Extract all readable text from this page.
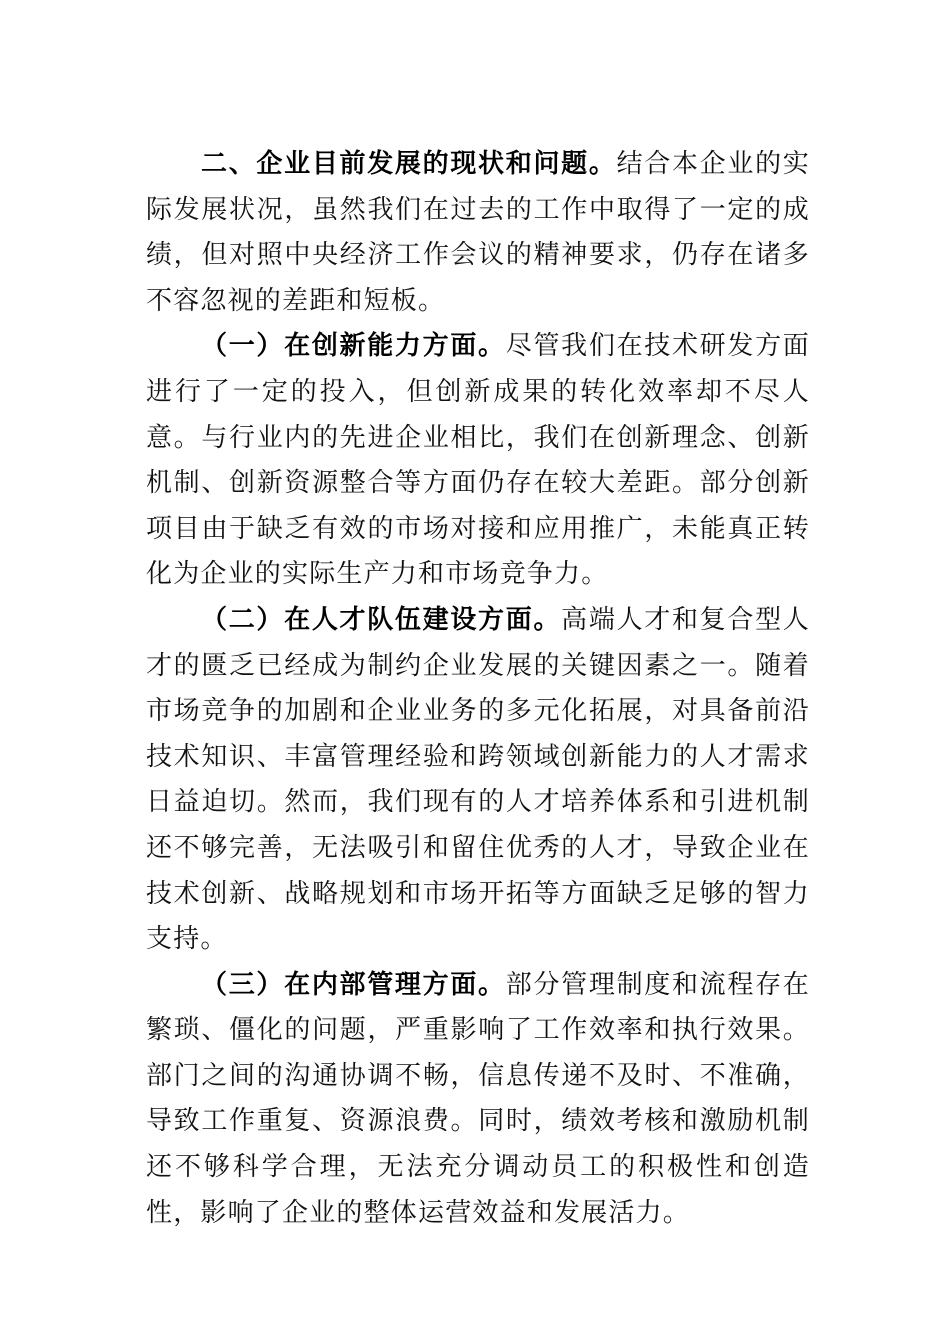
二、企业目前发展的现状和问题。结合本企业的实际发展状况，虽然我们在过去的工作中取得了一定的成绩，但对照中央经济工作会议的精神要求，仍存在诸多不容忽视的差距和短板。

（一）在创新能力方面。尽管我们在技术研发方面进行了一定的投入，但创新成果的转化效率却不尽人意。与行业内的先进企业相比，我们在创新理念、创新机制、创新资源整合等方面仍存在较大差距。部分创新项目由于缺乏有效的市场对接和应用推广，未能真正转化为企业的实际生产力和市场竞争力。

（二）在人才队伍建设方面。高端人才和复合型人才的匮乏已经成为制约企业发展的关键因素之一。随着市场竞争的加剧和企业业务的多元化拓展，对具备前沿技术知识、丰富管理经验和跨领域创新能力的人才需求日益迫切。然而，我们现有的人才培养体系和引进机制还不够完善，无法吸引和留住优秀的人才，导致企业在技术创新、战略规划和市场开拓等方面缺乏足够的智力支持。

（三）在内部管理方面。部分管理制度和流程存在繁琐、僵化的问题，严重影响了工作效率和执行效果。部门之间的沟通协调不畅，信息传递不及时、不准确，导致工作重复、资源浪费。同时，绩效考核和激励机制还不够科学合理，无法充分调动员工的积极性和创造性，影响了企业的整体运营效益和发展活力。
